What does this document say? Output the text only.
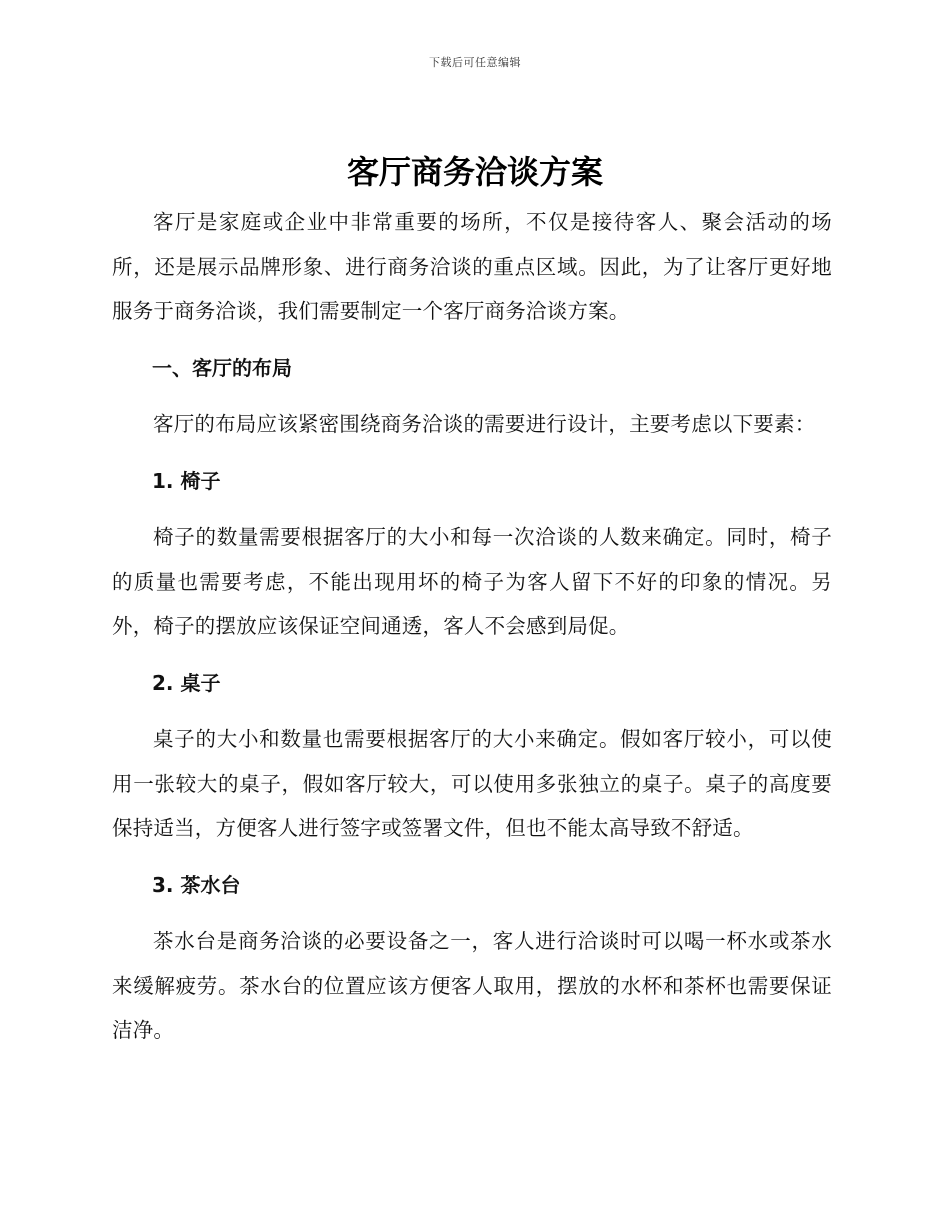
下载后可任意编辑
客厅商务洽谈方案

客厅是家庭或企业中非常重要的场所，不仅是接待客人、聚会活动的场所，还是展示品牌形象、进行商务洽谈的重点区域。因此，为了让客厅更好地服务于商务洽谈，我们需要制定一个客厅商务洽谈方案。

一、客厅的布局

客厅的布局应该紧密围绕商务洽谈的需要进行设计，主要考虑以下要素：

1. 椅子

椅子的数量需要根据客厅的大小和每一次洽谈的人数来确定。同时，椅子的质量也需要考虑，不能出现用坏的椅子为客人留下不好的印象的情况。另外，椅子的摆放应该保证空间通透，客人不会感到局促。

2. 桌子

桌子的大小和数量也需要根据客厅的大小来确定。假如客厅较小，可以使用一张较大的桌子，假如客厅较大，可以使用多张独立的桌子。桌子的高度要保持适当，方便客人进行签字或签署文件，但也不能太高导致不舒适。

3. 茶水台

茶水台是商务洽谈的必要设备之一，客人进行洽谈时可以喝一杯水或茶水来缓解疲劳。茶水台的位置应该方便客人取用，摆放的水杯和茶杯也需要保证洁净。
